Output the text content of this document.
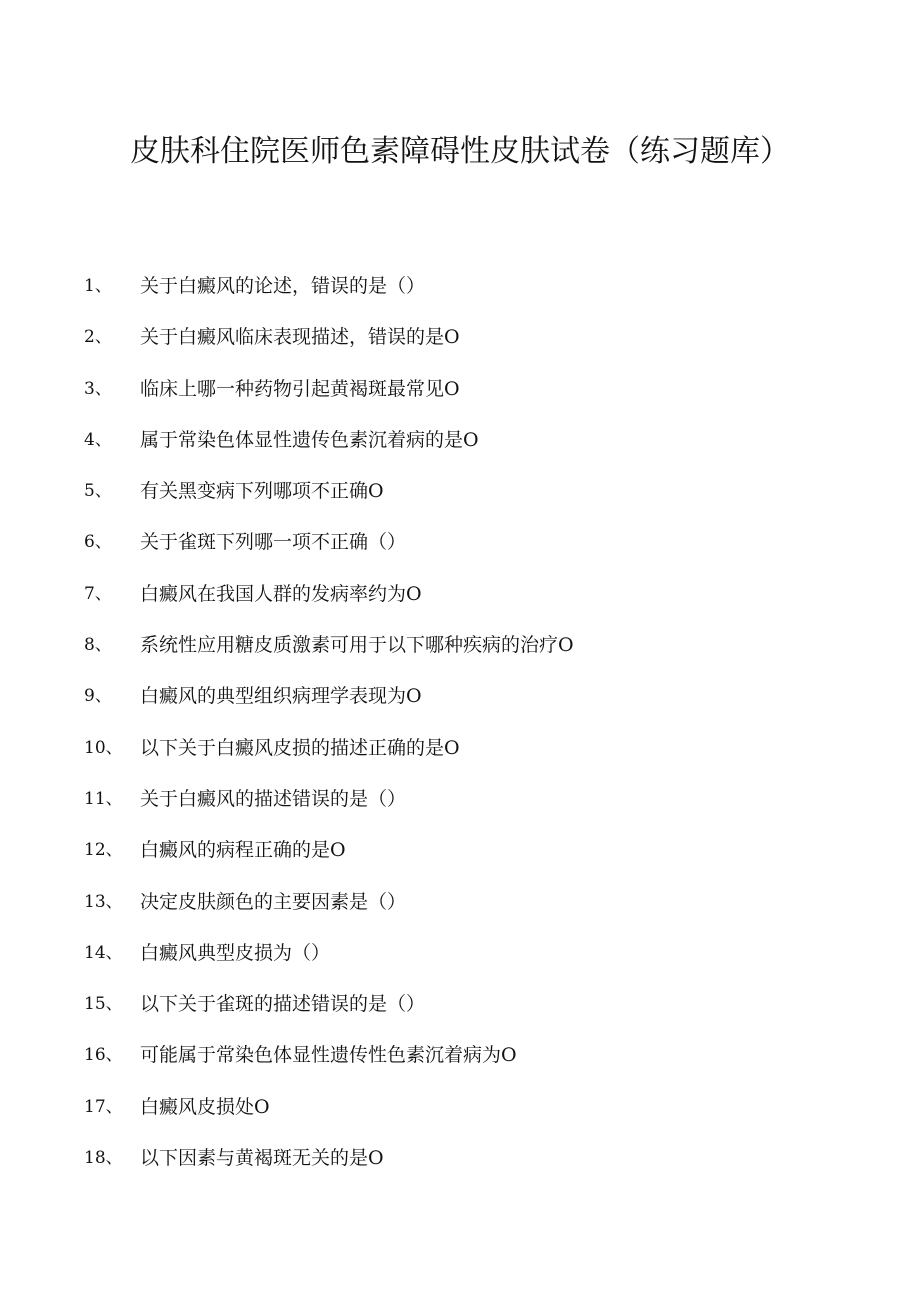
皮肤科住院医师色素障碍性皮肤试卷（练习题库）
1、 关于白癜风的论述，错误的是（）
2、 关于白癜风临床表现描述，错误的是O
3、 临床上哪一种药物引起黄褐斑最常见O
4、 属于常染色体显性遗传色素沉着病的是O
5、 有关黑变病下列哪项不正确O
6、 关于雀斑下列哪一项不正确（）
7、 白癜风在我国人群的发病率约为O
8、 系统性应用糖皮质激素可用于以下哪种疾病的治疗O
9、 白癜风的典型组织病理学表现为O
10、 以下关于白癜风皮损的描述正确的是O
11、 关于白癜风的描述错误的是（）
12、 白癜风的病程正确的是O
13、 决定皮肤颜色的主要因素是（）
14、 白癜风典型皮损为（）
15、 以下关于雀斑的描述错误的是（）
16、 可能属于常染色体显性遗传性色素沉着病为O
17、 白癜风皮损处O
18、 以下因素与黄褐斑无关的是O
